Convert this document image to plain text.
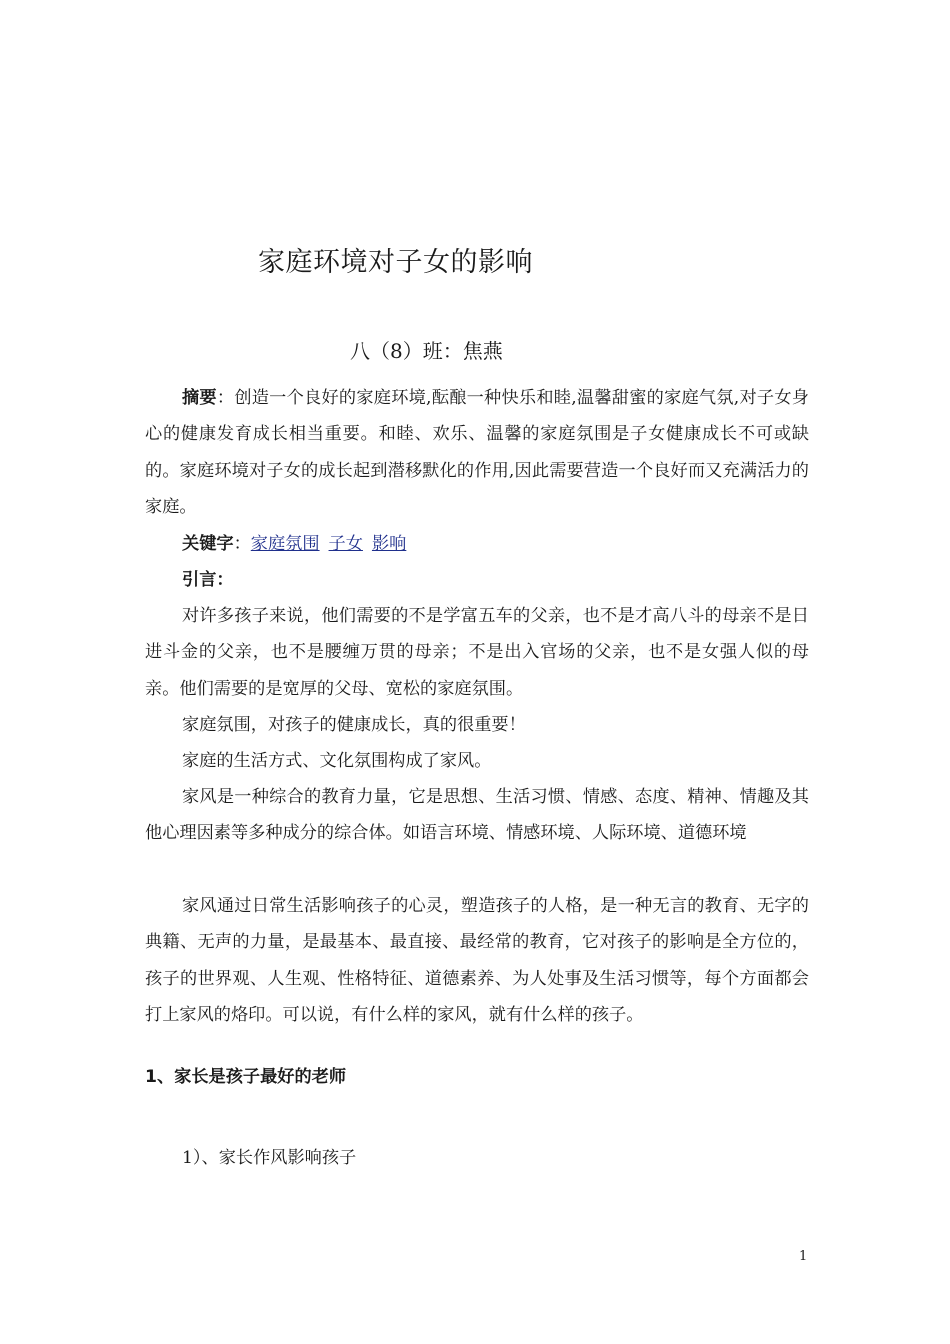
家庭环境对子女的影响
八（8）班：焦燕
摘要：创造一个良好的家庭环境,酝酿一种快乐和睦,温馨甜蜜的家庭气氛,对子女身心的健康发育成长相当重要。和睦、欢乐、温馨的家庭氛围是子女健康成长不可或缺的。家庭环境对子女的成长起到潜移默化的作用,因此需要营造一个良好而又充满活力的家庭。
关键字：家庭氛围 子女 影响
引言：
对许多孩子来说，他们需要的不是学富五车的父亲，也不是才高八斗的母亲不是日进斗金的父亲，也不是腰缠万贯的母亲；不是出入官场的父亲，也不是女强人似的母亲。他们需要的是宽厚的父母、宽松的家庭氛围。
家庭氛围，对孩子的健康成长，真的很重要！
家庭的生活方式、文化氛围构成了家风。
家风是一种综合的教育力量，它是思想、生活习惯、情感、态度、精神、情趣及其他心理因素等多种成分的综合体。如语言环境、情感环境、人际环境、道德环境
家风通过日常生活影响孩子的心灵，塑造孩子的人格，是一种无言的教育、无字的典籍、无声的力量，是最基本、最直接、最经常的教育，它对孩子的影响是全方位的，孩子的世界观、人生观、性格特征、道德素养、为人处事及生活习惯等，每个方面都会打上家风的烙印。可以说，有什么样的家风，就有什么样的孩子。
1、家长是孩子最好的老师
1）、家长作风影响孩子
1
